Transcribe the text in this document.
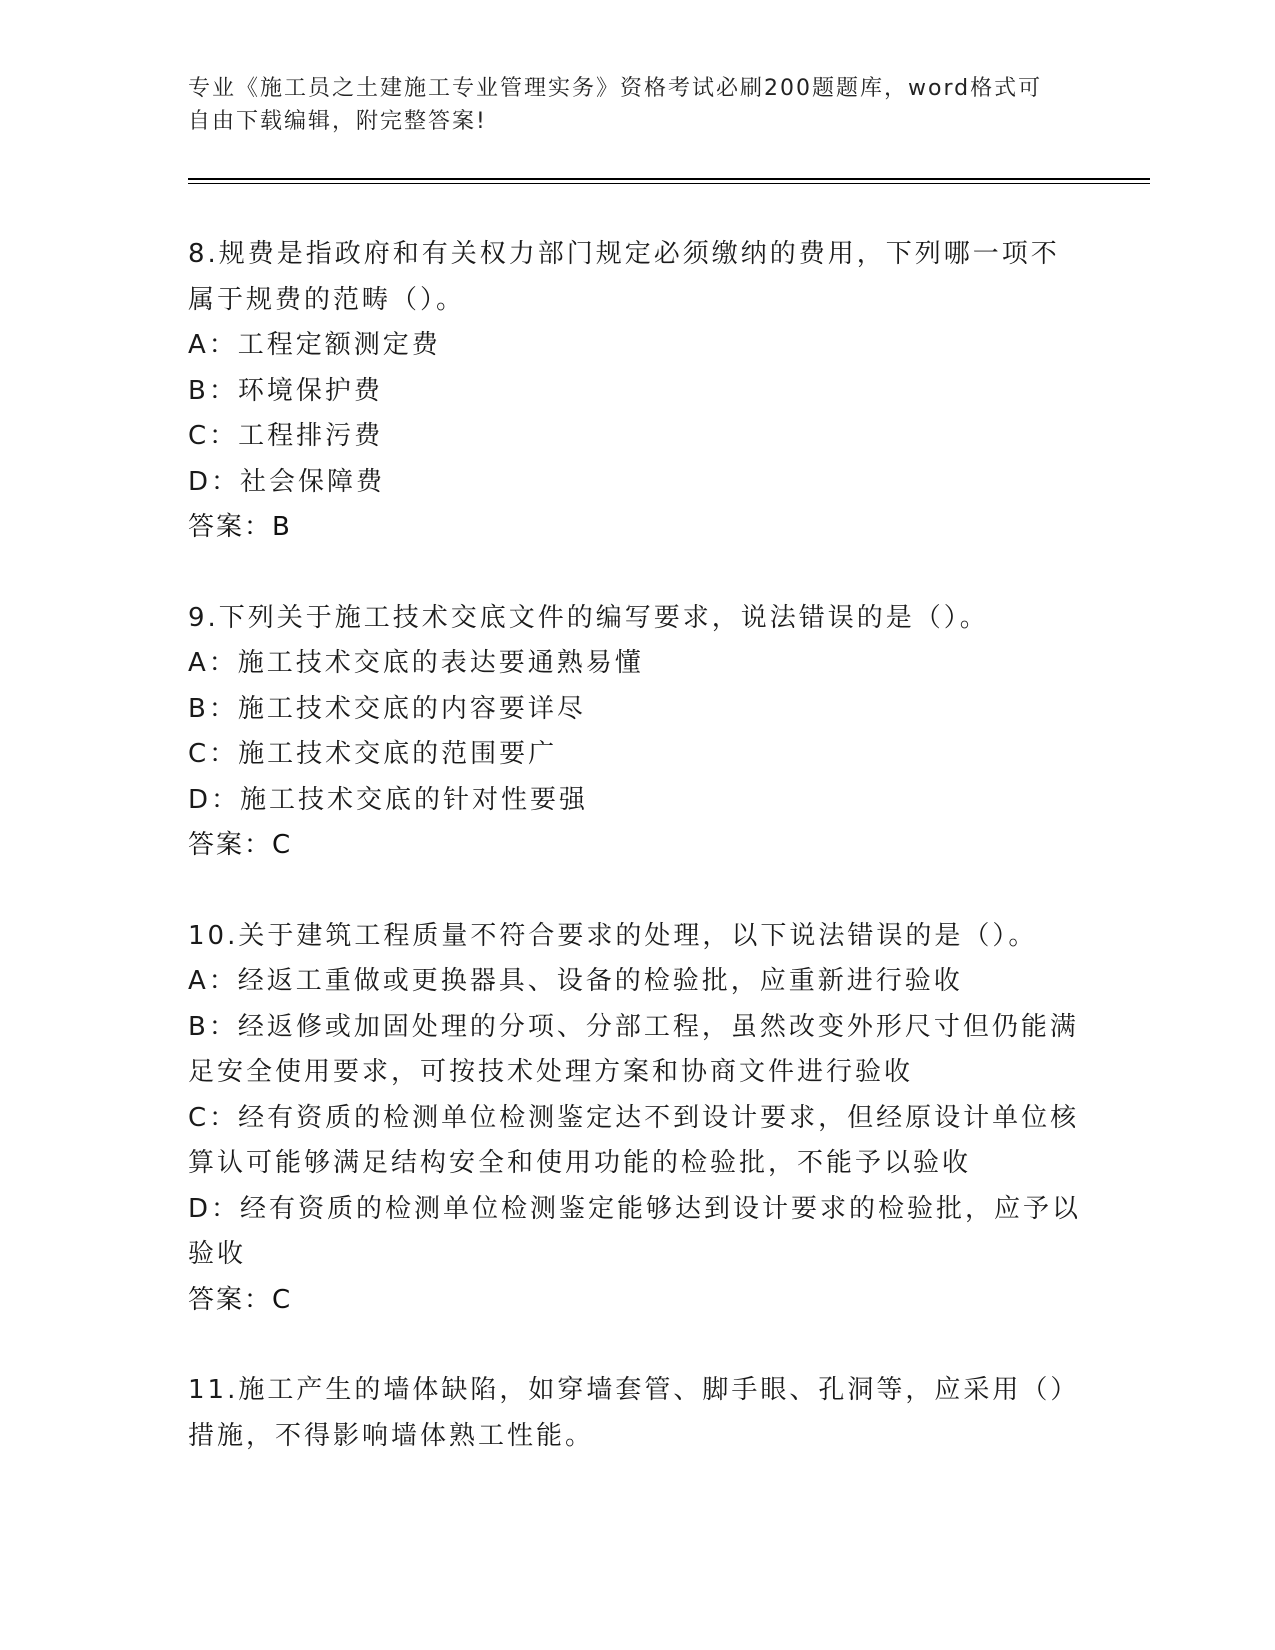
专业《施工员之土建施工专业管理实务》资格考试必刷200题题库，word格式可
自由下载编辑，附完整答案!
8.规费是指政府和有关权力部门规定必须缴纳的费用，下列哪一项不
属于规费的范畴（）。
A：工程定额测定费
B：环境保护费
C：工程排污费
D：社会保障费
答案：B
9.下列关于施工技术交底文件的编写要求，说法错误的是（）。
A：施工技术交底的表达要通熟易懂
B：施工技术交底的内容要详尽
C：施工技术交底的范围要广
D：施工技术交底的针对性要强
答案：C
10.关于建筑工程质量不符合要求的处理，以下说法错误的是（）。
A：经返工重做或更换器具、设备的检验批，应重新进行验收
B：经返修或加固处理的分项、分部工程，虽然改变外形尺寸但仍能满
足安全使用要求，可按技术处理方案和协商文件进行验收
C：经有资质的检测单位检测鉴定达不到设计要求，但经原设计单位核
算认可能够满足结构安全和使用功能的检验批，不能予以验收
D：经有资质的检测单位检测鉴定能够达到设计要求的检验批，应予以
验收
答案：C
11.施工产生的墙体缺陷，如穿墙套管、脚手眼、孔洞等，应采用（）
措施，不得影响墙体熟工性能。
